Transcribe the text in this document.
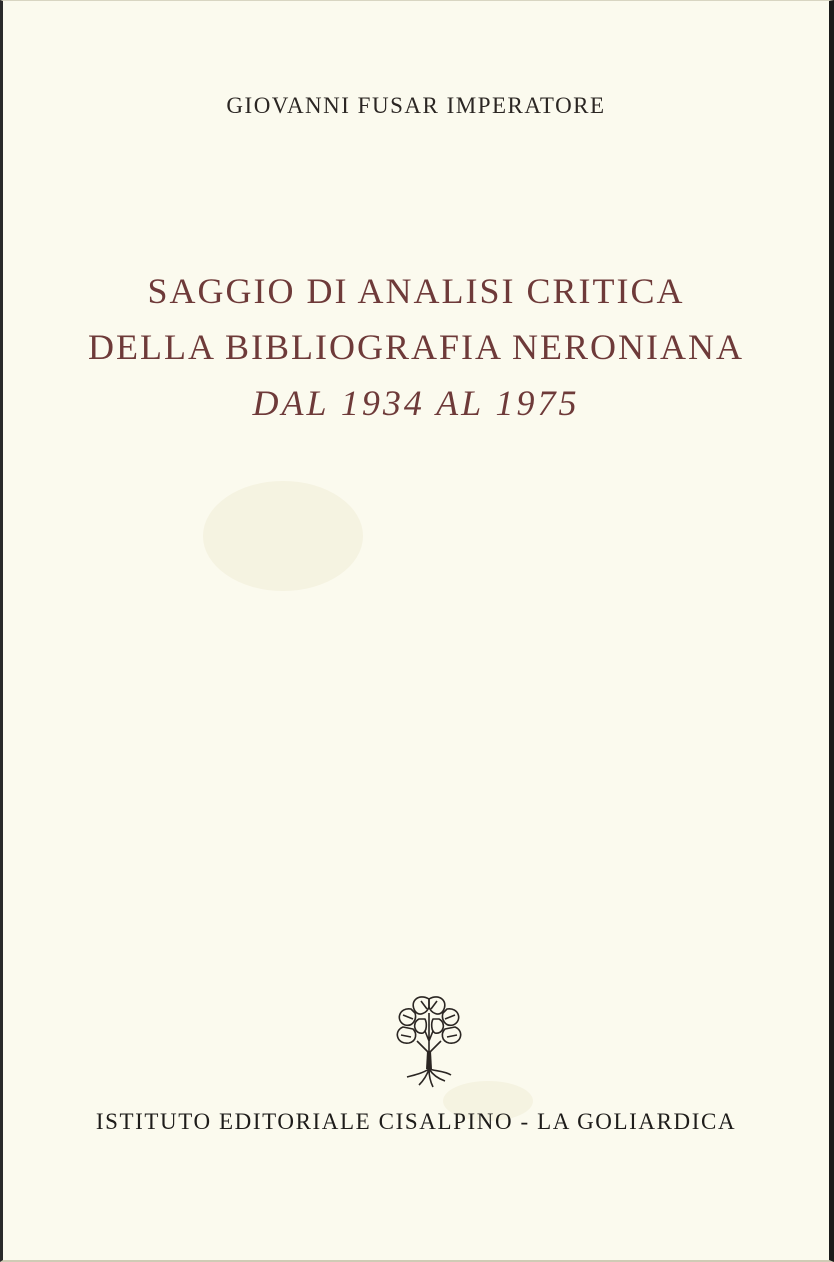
GIOVANNI FUSAR IMPERATORE
SAGGIO DI ANALISI CRITICA
DELLA BIBLIOGRAFIA NERONIANA
DAL 1934 AL 1975
ISTITUTO EDITORIALE CISALPINO - LA GOLIARDICA
